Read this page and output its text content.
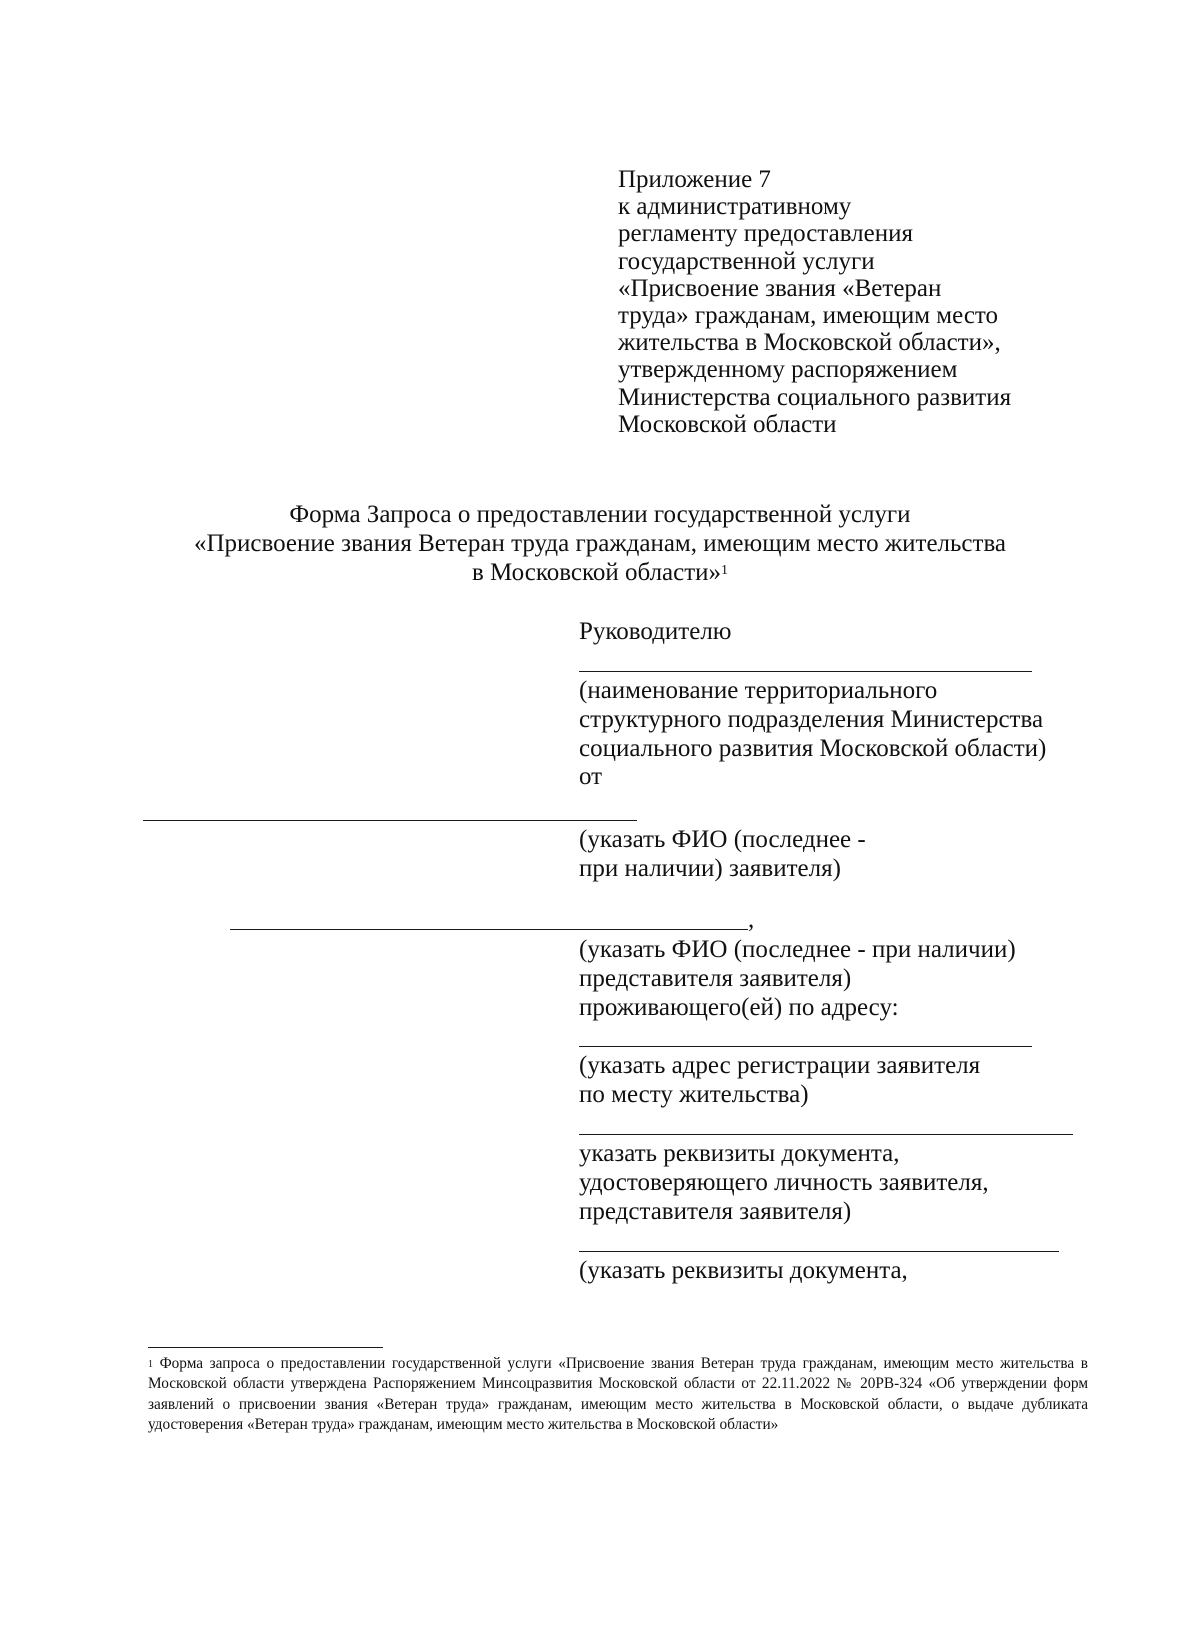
Приложение 7
к административному
регламенту предоставления
государственной услуги
«Присвоение звания «Ветеран
труда» гражданам, имеющим место
жительства в Московской области»,
утвержденному распоряжением
Министерства социального развития
Московской области
Форма Запроса о предоставлении государственной услуги
«Присвоение звания Ветеран труда гражданам, имеющим место жительства
в Московской области»$^1$
Руководителю
(наименование территориального
структурного подразделения Министерства
социального развития Московской области)
от
(указать ФИО (последнее -
при наличии) заявителя)
,
(указать ФИО (последнее - при наличии)
представителя заявителя)
проживающего(ей) по адресу:
(указать адрес регистрации заявителя
по месту жительства)
указать реквизиты документа,
удостоверяющего личность заявителя,
представителя заявителя)
(указать реквизиты документа,
$^1$ Форма запроса о предоставлении государственной услуги «Присвоение звания Ветеран труда гражданам, имеющим место жительства в Московской области утверждена Распоряжением Минсоцразвития Московской области от 22.11.2022 № 20РВ-324 «Об утверждении форм заявлений о присвоении звания «Ветеран труда» гражданам, имеющим место жительства в Московской области, о выдаче дубликата удостоверения «Ветеран труда» гражданам, имеющим место жительства в Московской области»
